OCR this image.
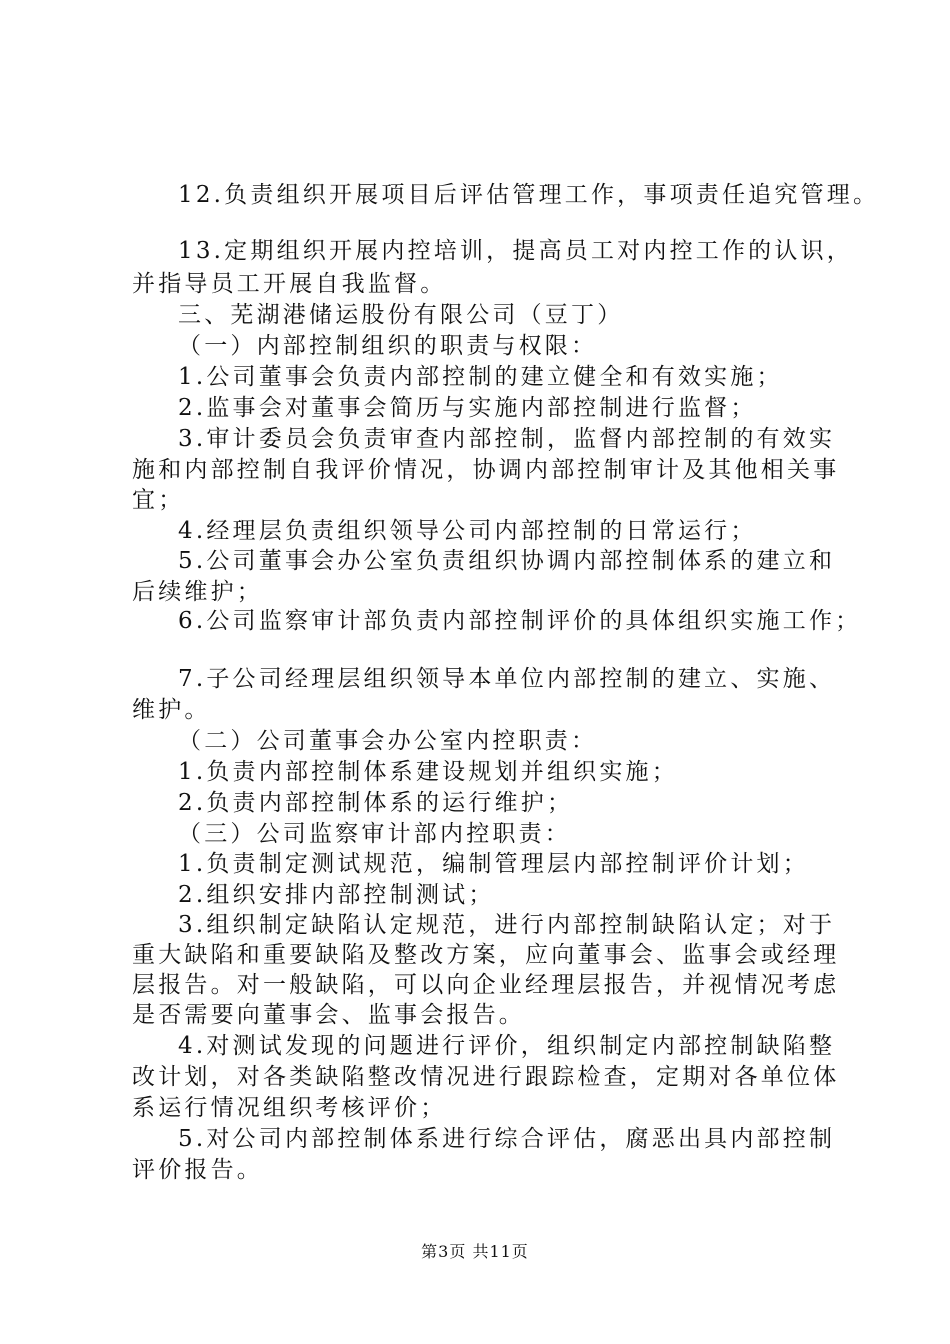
12.负责组织开展项目后评估管理工作，事项责任追究管理。
13.定期组织开展内控培训，提高员工对内控工作的认识，
并指导员工开展自我监督。
三、芜湖港储运股份有限公司（豆丁）
（一）内部控制组织的职责与权限：
1.公司董事会负责内部控制的建立健全和有效实施；
2.监事会对董事会简历与实施内部控制进行监督；
3.审计委员会负责审查内部控制，监督内部控制的有效实
施和内部控制自我评价情况，协调内部控制审计及其他相关事
宜；
4.经理层负责组织领导公司内部控制的日常运行；
5.公司董事会办公室负责组织协调内部控制体系的建立和
后续维护；
6.公司监察审计部负责内部控制评价的具体组织实施工作；
7.子公司经理层组织领导本单位内部控制的建立、实施、
维护。
（二）公司董事会办公室内控职责：
1.负责内部控制体系建设规划并组织实施；
2.负责内部控制体系的运行维护；
（三）公司监察审计部内控职责：
1.负责制定测试规范，编制管理层内部控制评价计划；
2.组织安排内部控制测试；
3.组织制定缺陷认定规范，进行内部控制缺陷认定；对于
重大缺陷和重要缺陷及整改方案，应向董事会、监事会或经理
层报告。对一般缺陷，可以向企业经理层报告，并视情况考虑
是否需要向董事会、监事会报告。
4.对测试发现的问题进行评价，组织制定内部控制缺陷整
改计划，对各类缺陷整改情况进行跟踪检查，定期对各单位体
系运行情况组织考核评价；
5.对公司内部控制体系进行综合评估，腐恶出具内部控制
评价报告。
第3页 共11页
